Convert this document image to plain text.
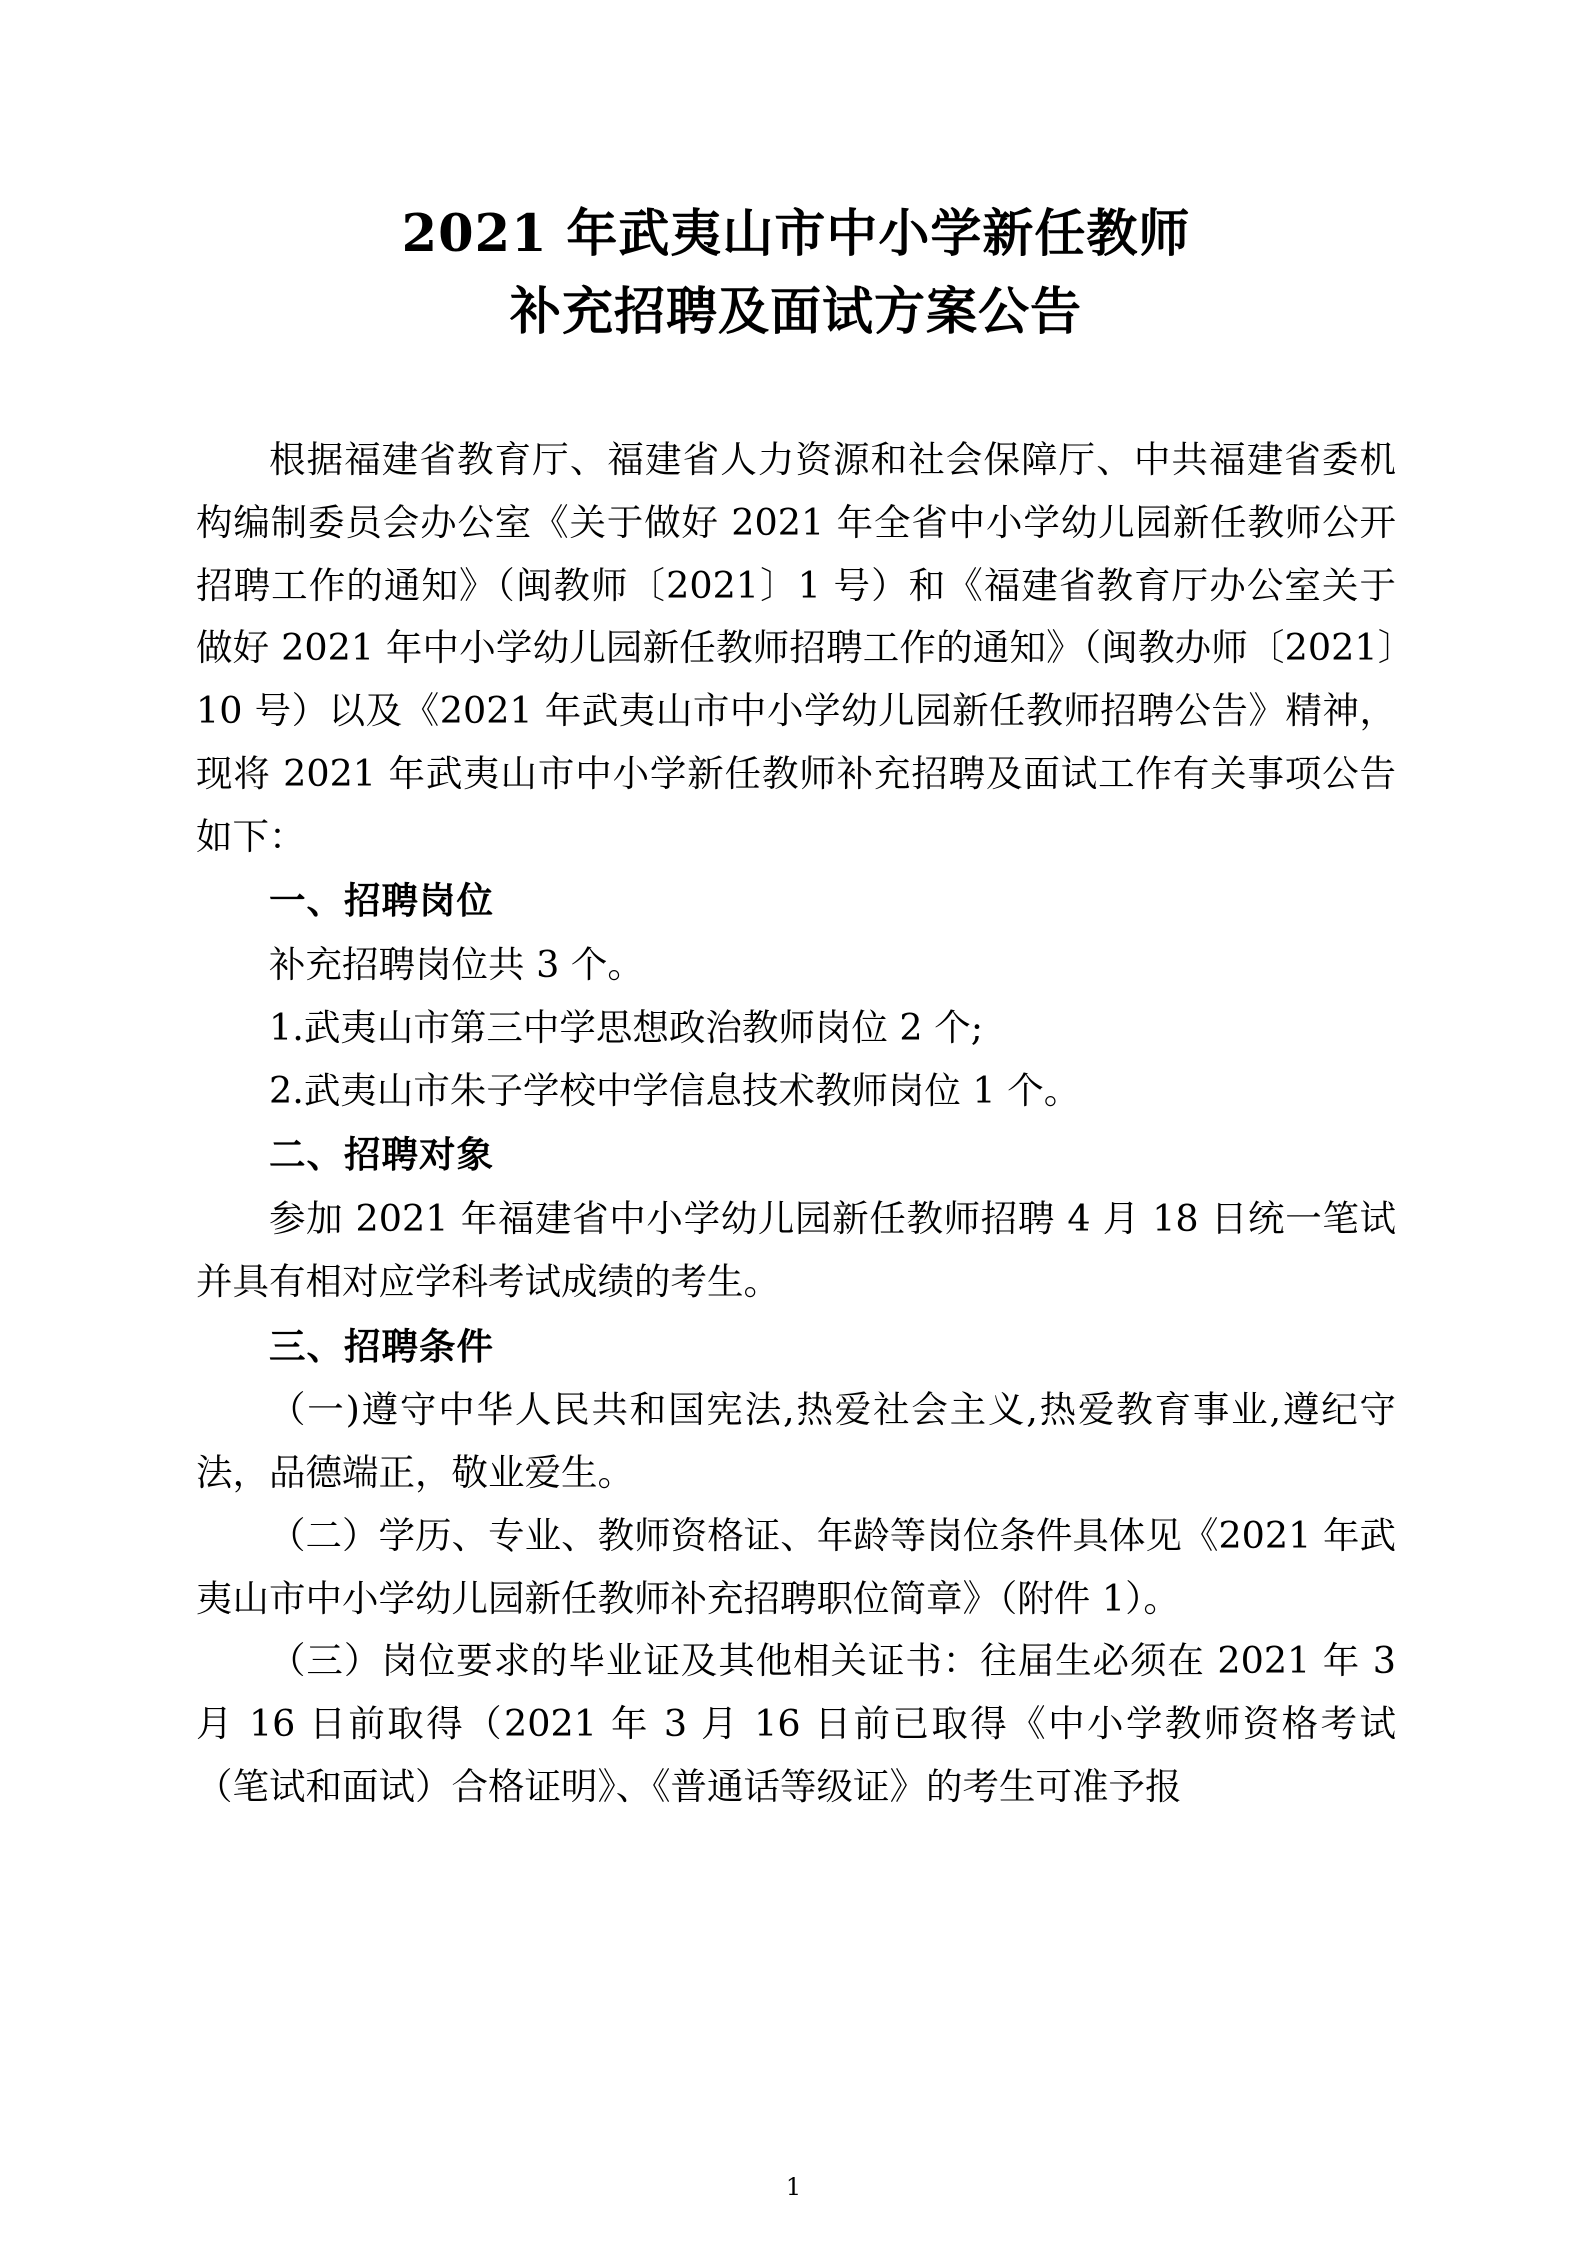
2021 年武夷山市中小学新任教师
补充招聘及面试方案公告

根据福建省教育厅、福建省人力资源和社会保障厅、中共福建省委机构编制委员会办公室《关于做好 2021 年全省中小学幼儿园新任教师公开招聘工作的通知》（闽教师〔2021〕1 号）和《福建省教育厅办公室关于做好 2021 年中小学幼儿园新任教师招聘工作的通知》（闽教办师〔2021〕10 号）以及《2021 年武夷山市中小学幼儿园新任教师招聘公告》精神，现将 2021 年武夷山市中小学新任教师补充招聘及面试工作有关事项公告如下：

一、招聘岗位

补充招聘岗位共 3 个。

1.武夷山市第三中学思想政治教师岗位 2 个;

2.武夷山市朱子学校中学信息技术教师岗位 1 个。

二、招聘对象

参加 2021 年福建省中小学幼儿园新任教师招聘 4 月 18 日统一笔试并具有相对应学科考试成绩的考生。

三、招聘条件

（一)遵守中华人民共和国宪法,热爱社会主义,热爱教育事业,遵纪守法，品德端正，敬业爱生。

（二）学历、专业、教师资格证、年龄等岗位条件具体见《2021 年武夷山市中小学幼儿园新任教师补充招聘职位简章》（附件 1）。

（三）岗位要求的毕业证及其他相关证书：往届生必须在 2021 年 3 月 16 日前取得（2021 年 3 月 16 日前已取得《中小学教师资格考试（笔试和面试）合格证明》、《普通话等级证》的考生可准予报

1
